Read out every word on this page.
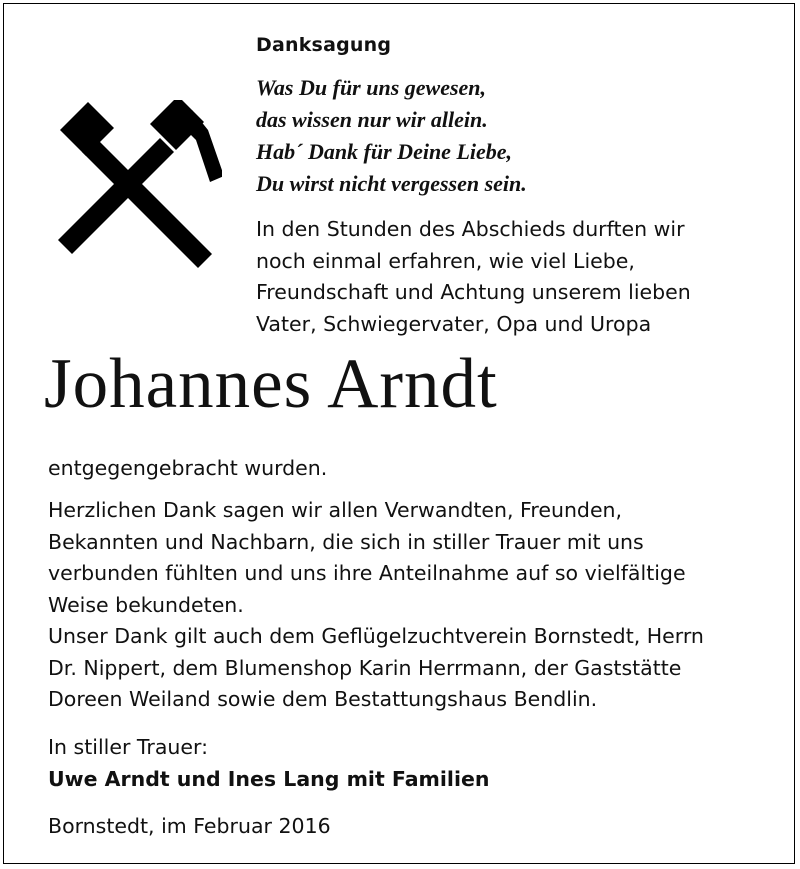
Danksagung
Was Du für uns gewesen,
das wissen nur wir allein.
Hab´ Dank für Deine Liebe,
Du wirst nicht vergessen sein.
In den Stunden des Abschieds durften wir
noch einmal erfahren, wie viel Liebe,
Freundschaft und Achtung unserem lieben
Vater, Schwiegervater, Opa und Uropa
Johannes Arndt
entgegengebracht wurden.
Herzlichen Dank sagen wir allen Verwandten, Freunden,
Bekannten und Nachbarn, die sich in stiller Trauer mit uns
verbunden fühlten und uns ihre Anteilnahme auf so vielfältige
Weise bekundeten.
Unser Dank gilt auch dem Geflügelzuchtverein Bornstedt, Herrn
Dr. Nippert, dem Blumenshop Karin Herrmann, der Gaststätte
Doreen Weiland sowie dem Bestattungshaus Bendlin.
In stiller Trauer:
Uwe Arndt und Ines Lang mit Familien
Bornstedt, im Februar 2016
